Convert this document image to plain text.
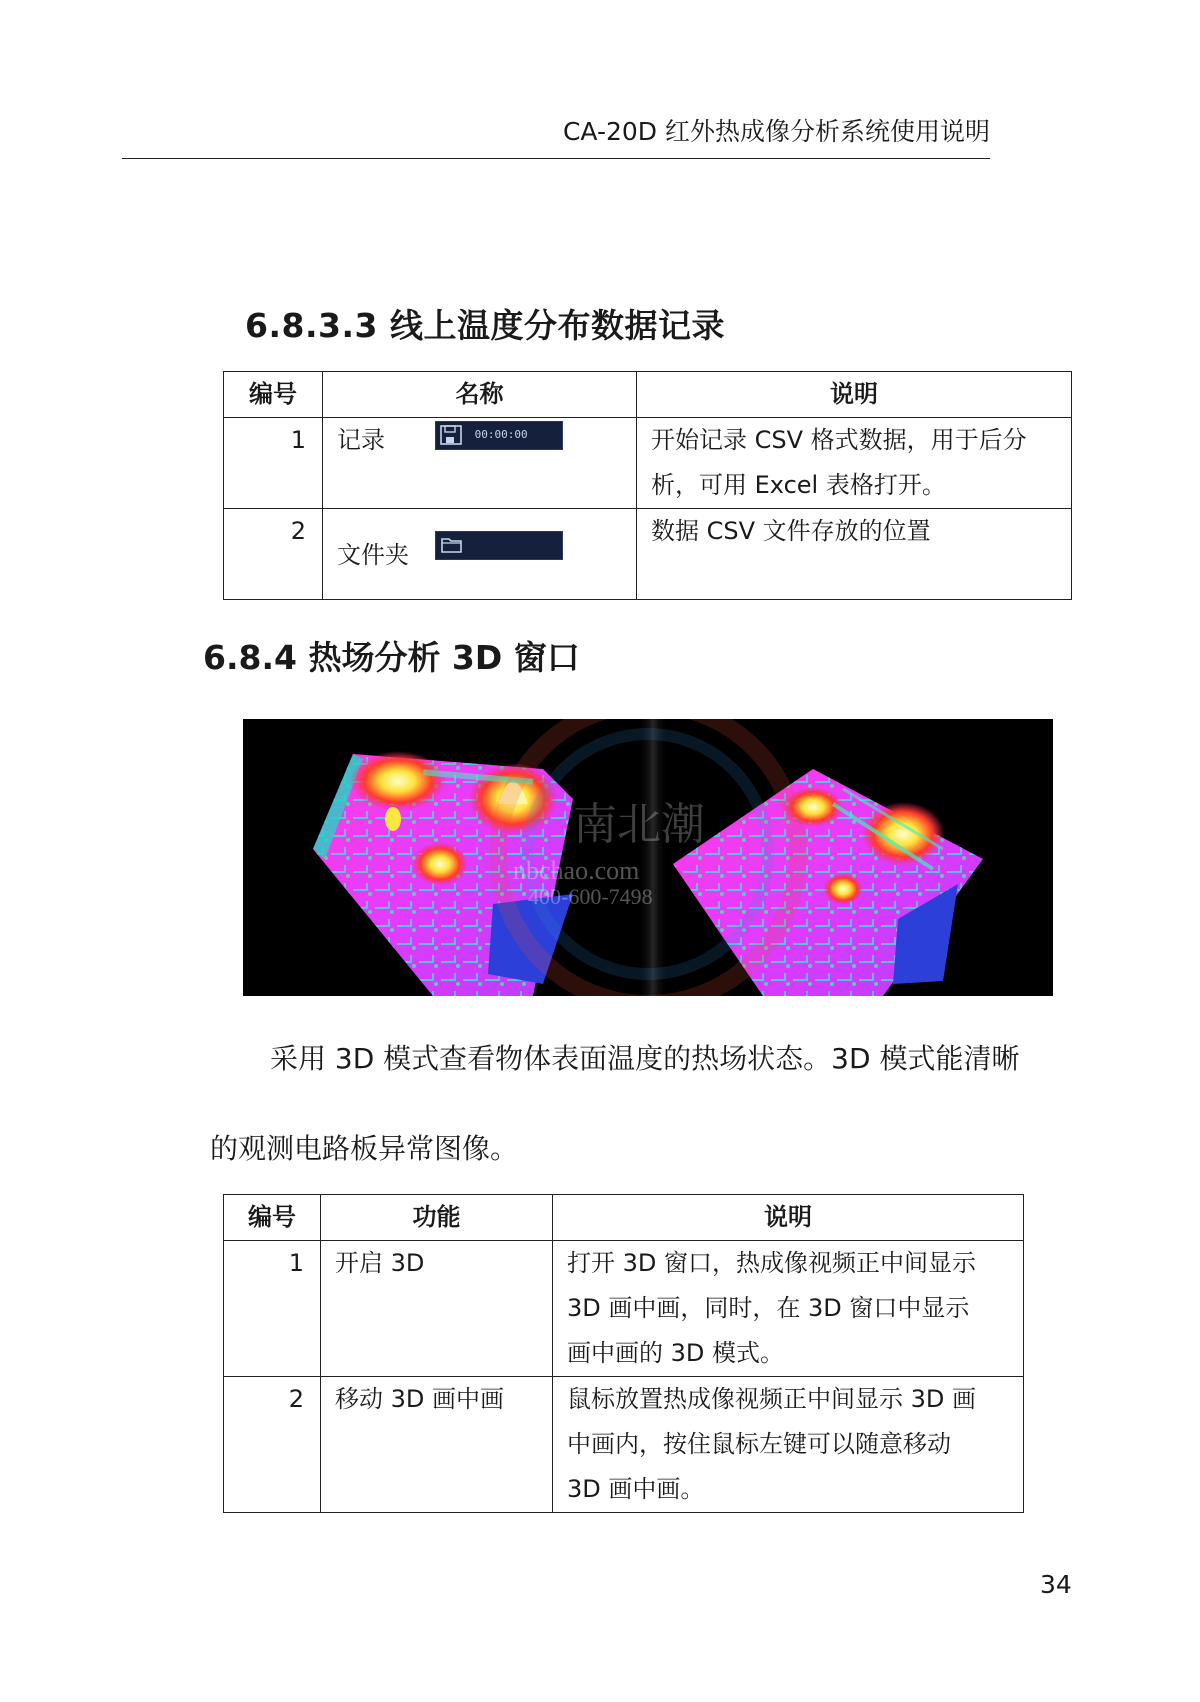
CA-20D 红外热成像分析系统使用说明
6.8.3.3 线上温度分布数据记录
编号	名称	说明
1	记录 00:00:00	开始记录 CSV 格式数据，用于后分析，可用 Excel 表格打开。
2	文件夹	数据 CSV 文件存放的位置
6.8.4 热场分析 3D 窗口
南北潮
nbchao.com
400-600-7498
采用 3D 模式查看物体表面温度的热场状态。3D 模式能清晰
的观测电路板异常图像。
编号	功能	说明
1	开启 3D	打开 3D 窗口，热成像视频正中间显示
3D 画中画，同时，在 3D 窗口中显示
画中画的 3D 模式。

2	移动 3D 画中画	鼠标放置热成像视频正中间显示 3D 画
中画内，按住鼠标左键可以随意移动
3D 画中画。
34
